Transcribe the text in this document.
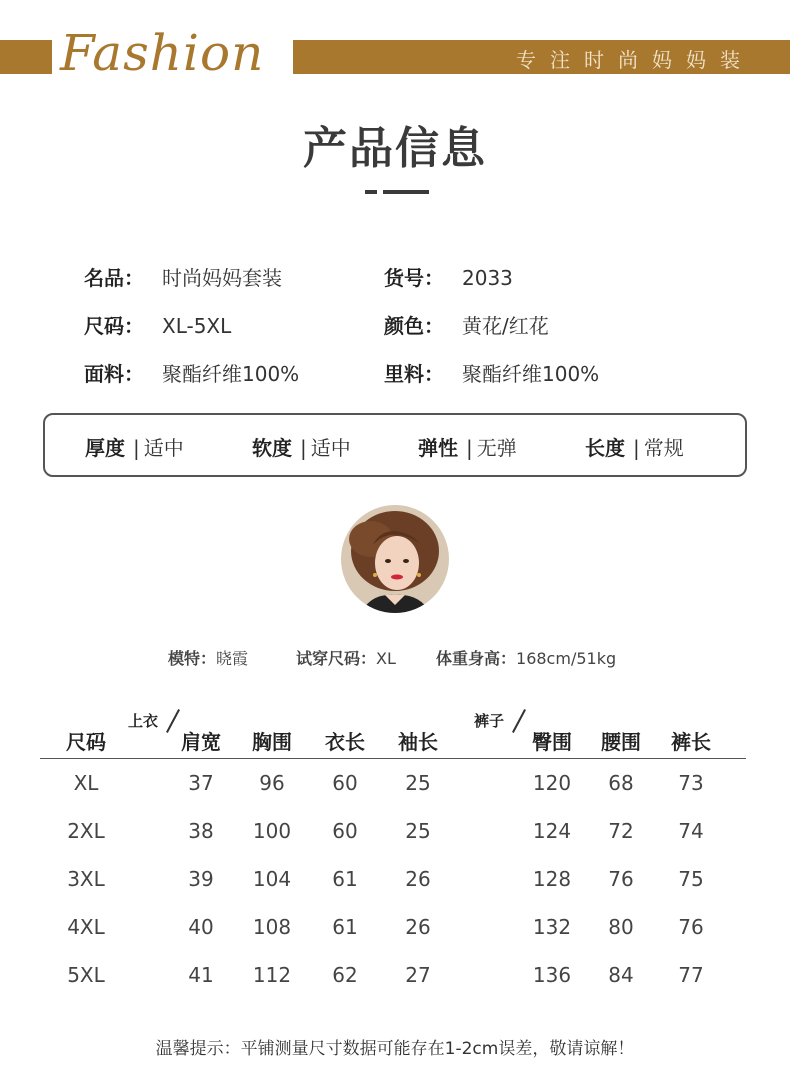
Fashion	专注时尚妈妈装
产品信息
名品： 时尚妈妈套装	货号： 2033
尺码： XL-5XL	颜色： 黄花/红花
面料： 聚酯纤维100%	里料： 聚酯纤维100%
厚度 | 适中	软度 | 适中	弹性 | 无弹	长度 | 常规
模特：晓霞	试穿尺码：XL	体重身高：168cm/51kg
尺码
上衣	裤子
肩宽	胸围	衣长	袖长	臀围	腰围	裤长
XL	37	96	60	25	120	68	73
2XL	38	100	60	25	124	72	74
3XL	39	104	61	26	128	76	75
4XL	40	108	61	26	132	80	76
5XL	41	112	62	27	136	84	77
温馨提示：平铺测量尺寸数据可能存在1-2cm误差，敬请谅解！
